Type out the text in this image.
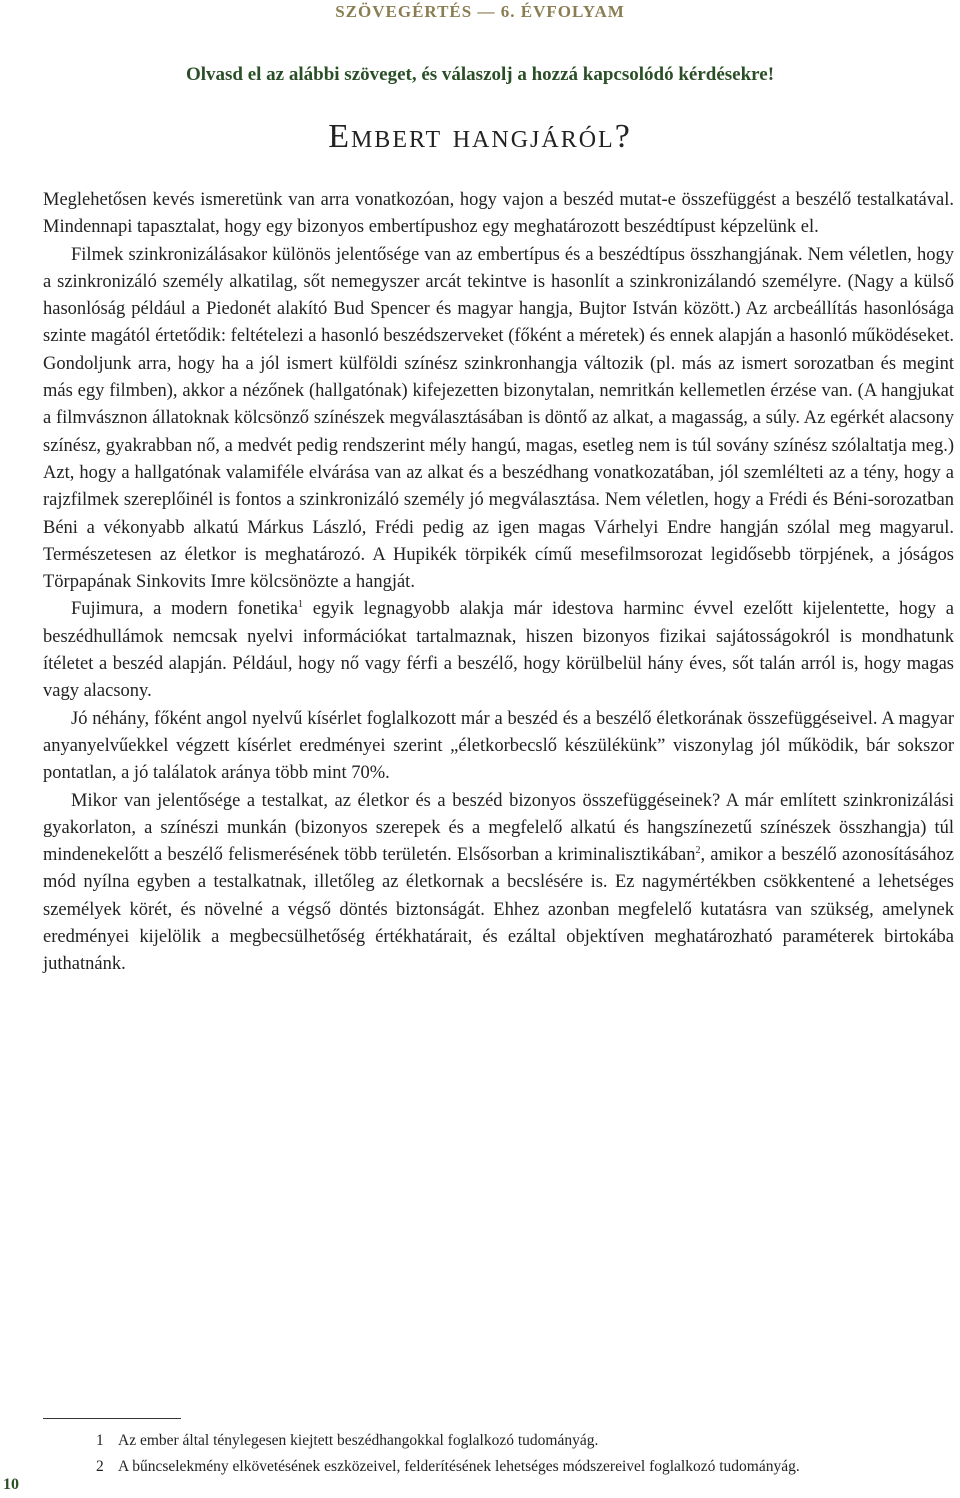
SZÖVEGÉRTÉS — 6. ÉVFOLYAM
Olvasd el az alábbi szöveget, és válaszolj a hozzá kapcsolódó kérdésekre!
Embert hangjáról?

Meglehetősen kevés ismeretünk van arra vonatkozóan, hogy vajon a beszéd mutat-e összefüggést a beszélő testalkatával. Mindennapi tapasztalat, hogy egy bizonyos embertípushoz egy meghatározott beszédtípust képzelünk el.

Filmek szinkronizálásakor különös jelentősége van az embertípus és a beszédtípus összhangjának. Nem véletlen, hogy a szinkronizáló személy alkatilag, sőt nemegyszer arcát tekintve is hasonlít a szinkronizálandó személyre. (Nagy a külső hasonlóság például a Piedonét alakító Bud Spencer és magyar hangja, Bujtor István között.) Az arcbeállítás hasonlósága szinte magától értetődik: feltételezi a hasonló beszédszerveket (főként a méretek) és ennek alapján a hasonló működéseket. Gondoljunk arra, hogy ha a jól ismert külföldi színész szinkronhangja változik (pl. más az ismert sorozatban és megint más egy filmben), akkor a nézőnek (hallgatónak) kifejezetten bizonytalan, nemritkán kellemetlen érzése van. (A hangjukat a filmvásznon állatoknak kölcsönző színészek megválasztásában is döntő az alkat, a magasság, a súly. Az egérkét alacsony színész, gyakrabban nő, a medvét pedig rendszerint mély hangú, magas, esetleg nem is túl sovány színész szólaltatja meg.) Azt, hogy a hallgatónak valamiféle elvárása van az alkat és a beszédhang vonatkozatában, jól szemlélteti az a tény, hogy a rajzfilmek szereplőinél is fontos a szinkronizáló személy jó megválasztása. Nem véletlen, hogy a Frédi és Béni-sorozatban Béni a vékonyabb alkatú Márkus László, Frédi pedig az igen magas Várhelyi Endre hangján szólal meg magyarul. Természetesen az életkor is meghatározó. A Hupikék törpikék című mesefilmsorozat legidősebb törpjének, a jóságos Törpapának Sinkovits Imre kölcsönözte a hangját.

Fujimura, a modern fonetika$^1$ egyik legnagyobb alakja már idestova harminc évvel ezelőtt kijelentette, hogy a beszédhullámok nemcsak nyelvi információkat tartalmaznak, hiszen bizonyos fizikai sajátosságokról is mondhatunk ítéletet a beszéd alapján. Például, hogy nő vagy férfi a beszélő, hogy körülbelül hány éves, sőt talán arról is, hogy magas vagy alacsony.

Jó néhány, főként angol nyelvű kísérlet foglalkozott már a beszéd és a beszélő életkorának összefüggéseivel. A magyar anyanyelvűekkel végzett kísérlet eredményei szerint „életkorbecslő készülékünk” viszonylag jól működik, bár sokszor pontatlan, a jó találatok aránya több mint 70%.

Mikor van jelentősége a testalkat, az életkor és a beszéd bizonyos összefüggéseinek? A már említett szinkronizálási gyakorlaton, a színészi munkán (bizonyos szerepek és a megfelelő alkatú és hangszínezetű színészek összhangja) túl mindenekelőtt a beszélő felismerésének több területén. Elsősorban a kriminalisztikában$^2$, amikor a beszélő azonosításához mód nyílna egyben a testalkatnak, illetőleg az életkornak a becslésére is. Ez nagymértékben csökkentené a lehetséges személyek körét, és növelné a végső döntés biztonságát. Ehhez azonban megfelelő kutatásra van szükség, amelynek eredményei kijelölik a megbecsülhetőség értékhatárait, és ezáltal objektíven meghatározható paraméterek birtokába juthatnánk.

1 Az ember által ténylegesen kiejtett beszédhangokkal foglalkozó tudományág.
2 A bűncselekmény elkövetésének eszközeivel, felderítésének lehetséges módszereivel foglalkozó tudományág.
10
